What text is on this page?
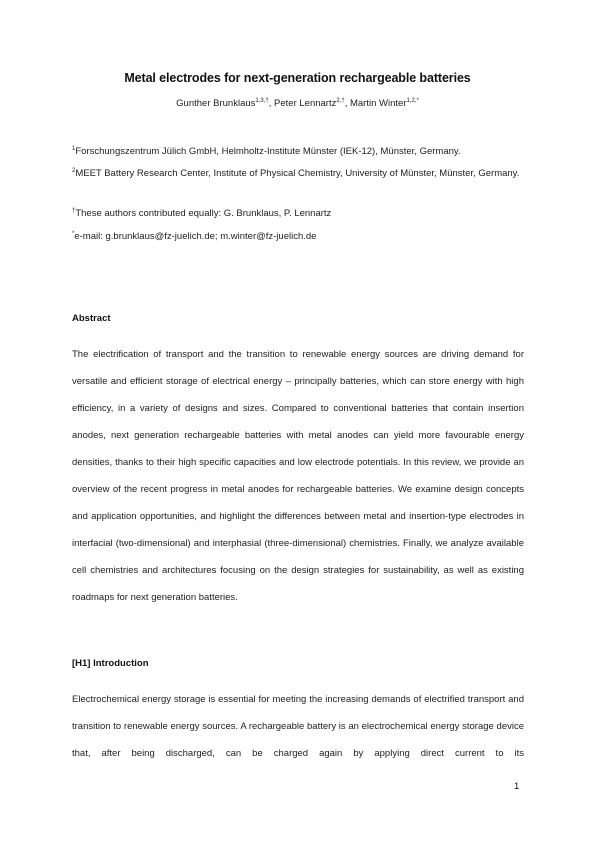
Metal electrodes for next-generation rechargeable batteries
Gunther Brunklaus$^{1,3,\dagger}$, Peter Lennartz$^{2,\dagger}$, Martin Winter$^{1,2,*}$
$^1$Forschungszentrum Jülich GmbH, Helmholtz-Institute Münster (IEK-12), Münster, Germany.
$^2$MEET Battery Research Center, Institute of Physical Chemistry, University of Münster, Münster, Germany.
†These authors contributed equally: G. Brunklaus, P. Lennartz
*e-mail: g.brunklaus@fz-juelich.de; m.winter@fz-juelich.de
Abstract
The electrification of transport and the transition to renewable energy sources are driving demand for versatile and efficient storage of electrical energy – principally batteries, which can store energy with high efficiency, in a variety of designs and sizes. Compared to conventional batteries that contain insertion anodes, next generation rechargeable batteries with metal anodes can yield more favourable energy densities, thanks to their high specific capacities and low electrode potentials. In this review, we provide an overview of the recent progress in metal anodes for rechargeable batteries. We examine design concepts and application opportunities, and highlight the differences between metal and insertion-type electrodes in interfacial (two-dimensional) and interphasial (three-dimensional) chemistries. Finally, we analyze available cell chemistries and architectures focusing on the design strategies for sustainability, as well as existing roadmaps for next generation batteries.
[H1] Introduction
Electrochemical energy storage is essential for meeting the increasing demands of electrified transport and transition to renewable energy sources. A rechargeable battery is an electrochemical energy storage device that, after being discharged, can be charged again by applying direct current to its
1
